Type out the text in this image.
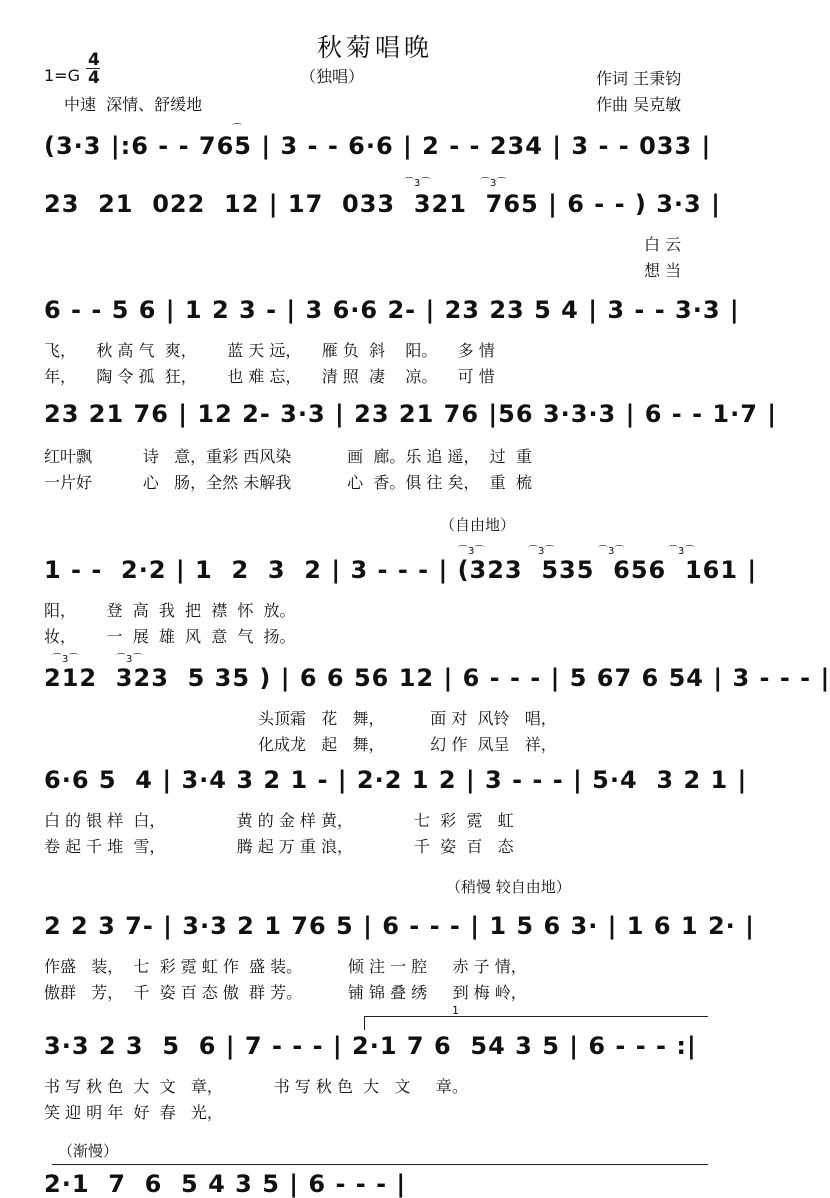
秋菊唱晚
（独唱）
1=G
4
4
中速  深情、舒缓地
作词 王秉钧
作曲 吴克敏
(3·3 |:6 - - 765 | 3 - - 6·6 | 2 - - 234 | 3 - - 033 |
⌒
23  21  022  12 | 17  033  321  765 | 6 - - ) 3·3 |
⌒3⌒	⌒3⌒
白 云
想 当
6 - - 5 6 | 1 2 3 - | 3 6·6 2- | 23 23 5 4 | 3 - - 3·3 |
飞，    秋 高 气  爽，      蓝 天 远，    雁 负  斜    阳。    多 情
年，    陶 令 孤  狂，      也 难 忘，    清 照  凄    凉。    可 惜
23 21 76 | 12 2- 3·3 | 23 21 76 |56 3·3·3 | 6 - - 1·7 |
红叶飘          诗   意，重彩 西风染           画  廊。乐 追 遥，  过  重
一片好          心   肠，全然 未解我           心  香。俱 往 矣，  重  梳
（自由地）
1 - -  2·2 | 1  2  3  2 | 3 - - - | (323  535  656  161 |
⌒3⌒	⌒3⌒	⌒3⌒	⌒3⌒
阳，      登  高  我  把  襟  怀  放。
妆，      一  展  雄  风  意  气  扬。
212  323  5 35 ) | 6 6 56 12 | 6 - - - | 5 67 6 54 | 3 - - - |
⌒3⌒	⌒3⌒
头顶霜   花   舞，         面 对  风铃   唱，
化成龙   起   舞，         幻 作  凤呈   祥，
6·6 5  4 | 3·4 3 2 1 - | 2·2 1 2 | 3 - - - | 5·4  3 2 1 |
白 的 银 样  白，              黄 的 金 样 黄，            七  彩  霓   虹
卷 起 千 堆  雪，              腾 起 万 重 浪，            千  姿  百   态
（稍慢 较自由地）
2 2 3 7- | 3·3 2 1 76 5 | 6 - - - | 1 5 6 3· | 1 6 1 2· |
作盛   装，  七  彩 霓 虹 作  盛 装。         倾 注 一 腔     赤 子 情，
傲群   芳，  千  姿 百 态 傲  群 芳。         铺 锦 叠 绣     到 梅 岭，
1
3·3 2 3  5  6 | 7 - - - | 2·1 7 6  54 3 5 | 6 - - - :|
书 写 秋 色  大  文   章，          书 写 秋 色  大   文     章。
笑 迎 明 年  好  春   光，
（渐慢）
2·1  7  6  5 4 3 5 | 6 - - - |
